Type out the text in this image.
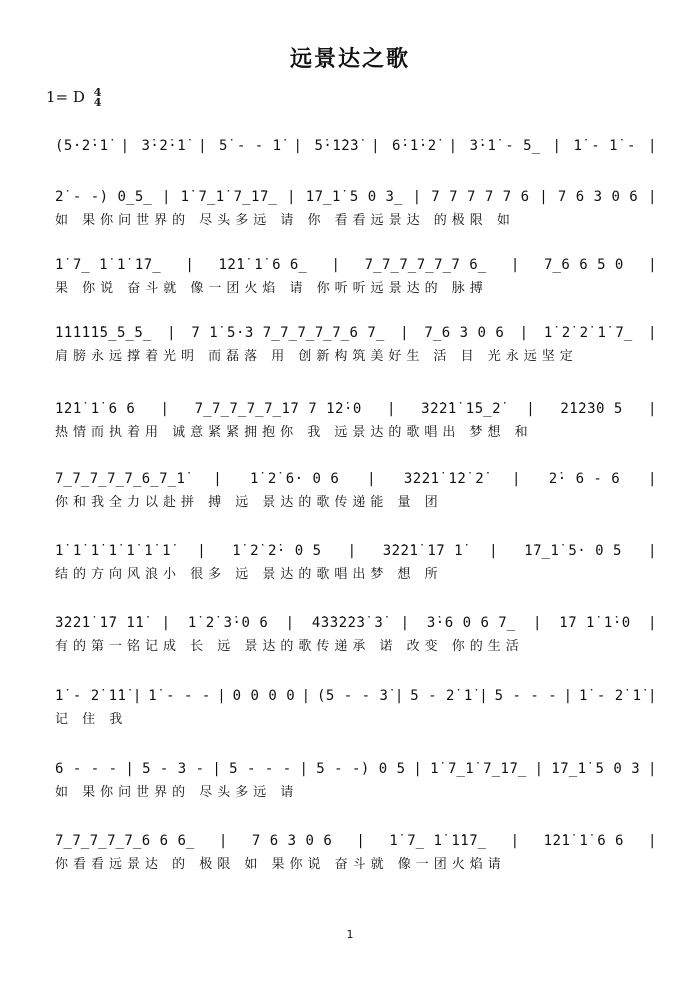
远景达之歌
1= D 4
4
(5·2̇·1̇ | 3̇·2̇·1̇ | 5̇ - - 1̇ | 5̇·1̇2̇3̇ | 6̇·1̇·2̇ | 3̇·1̇ - 5̲ | 1̇ - 1̇ - |
2̇ - -) 0̲5̲ | 1̇ 7̲1̇ 7̲1̇7̲ | 1̇7̲1̇ 5 0 3̲ | 7 7 7 7 7 6 | 7 6 3 0 6 |
如 果你问世界的 尽头多远 请 你 看看远景达 的极限 如
1̇ 7̲ 1̇ 1̇ 1̇7̲ | 1̇2̇1̇ 1̇ 6 6̲ | 7̲7̲7̲7̲7̲7 6̲ | 7̲6 6 5 0 |
果 你说 奋斗就 像一团火焰 请 你听听远景达的 脉搏
1̇1̇1̇1̇1̇5̲5̲5̲ | 7 1̇ 5·3 7̲7̲7̲7̲7̲6 7̲ | 7̲6 3 0 6 | 1̇ 2̇ 2̇ 1̇ 7̲ |
肩膀永远撑着光明 而磊落 用 创新构筑美好生 活 目 光永远坚定
1̇2̇1̇ 1̇ 6 6 | 7̲7̲7̲7̲7̲1̇7 7 1̇2̇·0 | 3̇2̇2̇1̇ 1̇5̲2̇ | 2̇1̇2̇3̇0 5 |
热情而执着用 诚意紧紧拥抱你 我 远景达的歌唱出 梦想 和
7̲7̲7̲7̲7̲6̲7̲1̇ | 1̇ 2̇ 6· 0 6 | 3̇2̇2̇1̇ 1̇2̇ 2̇ | 2̇· 6 - 6 |
你和我全力以赴拼 搏 远 景达的歌传递能 量 团
1̇ 1̇ 1̇ 1̇ 1̇ 1̇ 1̇ | 1̇ 2̇ 2̇· 0 5 | 3̇2̇2̇1̇ 1̇7 1̇ | 1̇7̲1̇ 5· 0 5 |
结的方向风浪小 很多 远 景达的歌唱出梦 想 所
3̇2̇2̇1̇ 1̇7 1̇1̇ | 1̇ 2̇ 3̇·0 6 | 4̇3̇3̇2̇2̇3̇ 3̇ | 3̇·6 0 6 7̲ | 1̇7 1̇ 1̇·0 |
有的第一铭记成 长 远 景达的歌传递承 诺 改变 你的生活
1̇ - 2̇ 1̇1̇ | 1̇ - - - | 0 0 0 0 | (5 - - 3̇ | 5 - 2̇ 1̇ | 5 - - - | 1̇ - 2̇ 1̇ |
记 住 我
6 - - - | 5 - 3 - | 5 - - - | 5 - -) 0 5 | 1̇ 7̲1̇ 7̲1̇7̲ | 1̇7̲1̇ 5 0 3 |
如 果你问世界的 尽头多远 请
7̲7̲7̲7̲7̲6 6 6̲ | 7 6 3 0 6 | 1̇ 7̲ 1̇ 1̇1̇7̲ | 1̇2̇1̇ 1̇ 6 6 |
你看看远景达 的 极限 如 果你说 奋斗就 像一团火焰请
1
